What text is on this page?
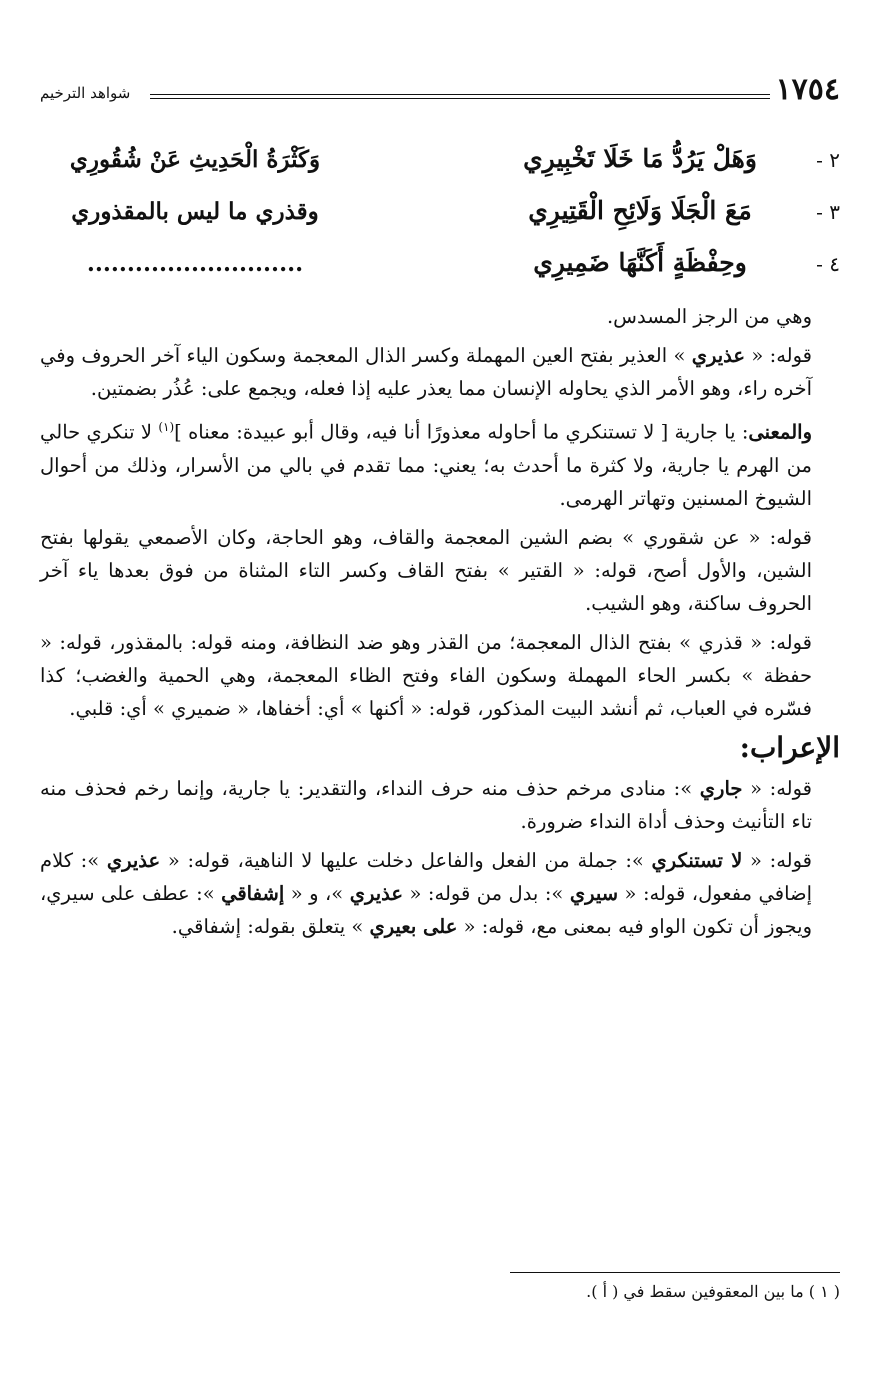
١٧٥٤
شواهد الترخيم
٢ -
وَهَلْ يَرُدُّ مَا خَلَا تَخْبِيرِي
وَكَثْرَةُ الْحَدِيثِ عَنْ شُقُورِي
٣ -
مَعَ الْجَلَا وَلَائِحِ الْقَتِيرِي
وقذري ما ليس بالمقذوري
٤ -
وحِفْظَةٍ أَكَنَّهَا ضَمِيرِي
...........................

وهي من الرجز المسدس.

قوله: « عذيري » العذير بفتح العين المهملة وكسر الذال المعجمة وسكون الياء آخر الحروف وفي آخره راء، وهو الأمر الذي يحاوله الإنسان مما يعذر عليه إذا فعله، ويجمع على: عُذُر بضمتين.

والمعنى: يا جارية [ لا تستنكري ما أحاوله معذورًا أنا فيه، وقال أبو عبيدة: معناه ]$^{(١)}$ لا تنكري حالي من الهرم يا جارية، ولا كثرة ما أحدث به؛ يعني: مما تقدم في بالي من الأسرار، وذلك من أحوال الشيوخ المسنين وتهاتر الهرمى.

قوله: « عن شقوري » بضم الشين المعجمة والقاف، وهو الحاجة، وكان الأصمعي يقولها بفتح الشين، والأول أصح، قوله: « القتير » بفتح القاف وكسر التاء المثناة من فوق بعدها ياء آخر الحروف ساكنة، وهو الشيب.

قوله: « قذري » بفتح الذال المعجمة؛ من القذر وهو ضد النظافة، ومنه قوله: بالمقذور، قوله: « حفظة » بكسر الحاء المهملة وسكون الفاء وفتح الظاء المعجمة، وهي الحمية والغضب؛ كذا فسّره في العباب، ثم أنشد البيت المذكور، قوله: « أكنها » أي: أخفاها، « ضميري » أي: قلبي.

الإعراب:

قوله: « جاري »: منادى مرخم حذف منه حرف النداء، والتقدير: يا جارية، وإنما رخم فحذف منه تاء التأنيث وحذف أداة النداء ضرورة.

قوله: « لا تستنكري »: جملة من الفعل والفاعل دخلت عليها لا الناهية، قوله: « عذيري »: كلام إضافي مفعول، قوله: « سيري »: بدل من قوله: « عذيري »، و « إشفاقي »: عطف على سيري، ويجوز أن تكون الواو فيه بمعنى مع، قوله: « على بعيري » يتعلق بقوله: إشفاقي.

( ١ ) ما بين المعقوفين سقط في ( أ ).
